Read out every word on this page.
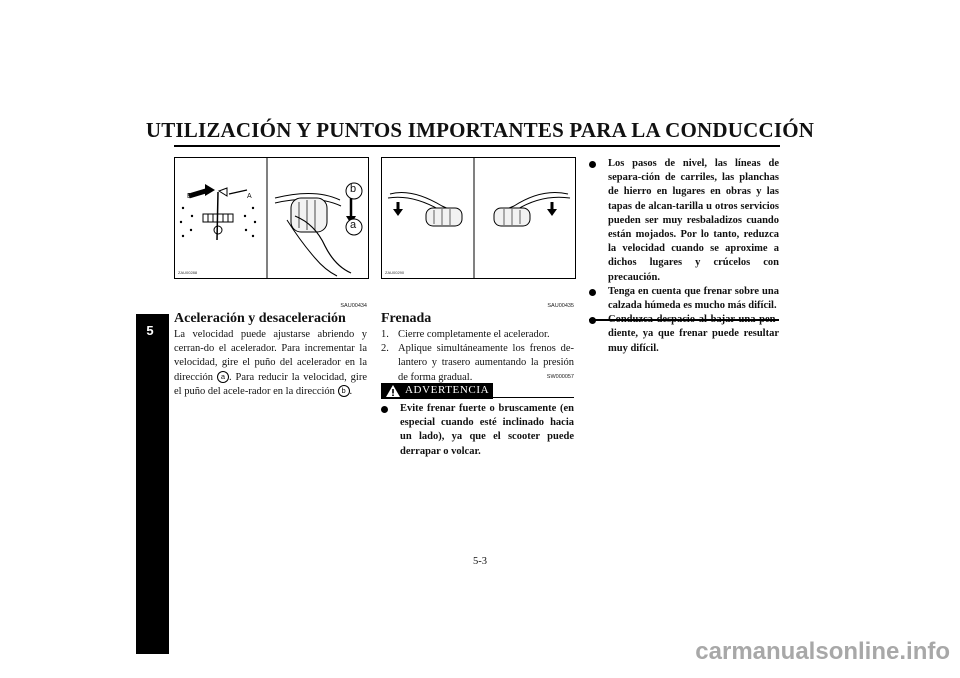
UTILIZACIÓN Y PUNTOS IMPORTANTES PARA LA CONDUCCIÓN
5
ZAU00288
B	A
b
a
ZAU00290
SAU00434
Aceleración y desaceleración
La velocidad puede ajustarse abriendo y cerran-do el acelerador. Para incrementar la velocidad, gire el puño del acelerador en la dirección a . Para reducir la velocidad, gire el puño del acele-rador en la dirección b .
SAU00435
Frenada
1. Cierre completamente el acelerador.
2. Aplique simultáneamente los frenos de-lantero y trasero aumentando la presión de forma gradual.	SW000057
ADVERTENCIA
Evite frenar fuerte o bruscamente (en especial cuando esté inclinado hacia un lado), ya que el scooter puede derrapar o volcar.
Los pasos de nivel, las líneas de separa-ción de carriles, las planchas de hierro en lugares en obras y las tapas de alcan-tarilla u otros servicios pueden ser muy resbaladizos cuando están mojados. Por lo tanto, reduzca la velocidad cuando se aproxime a dichos lugares y crúcelos con precaución.
Tenga en cuenta que frenar sobre una calzada húmeda es mucho más difícil.
diente, ya que frenar puede resultar muy difícil.
5-3
carmanualsonline.info
